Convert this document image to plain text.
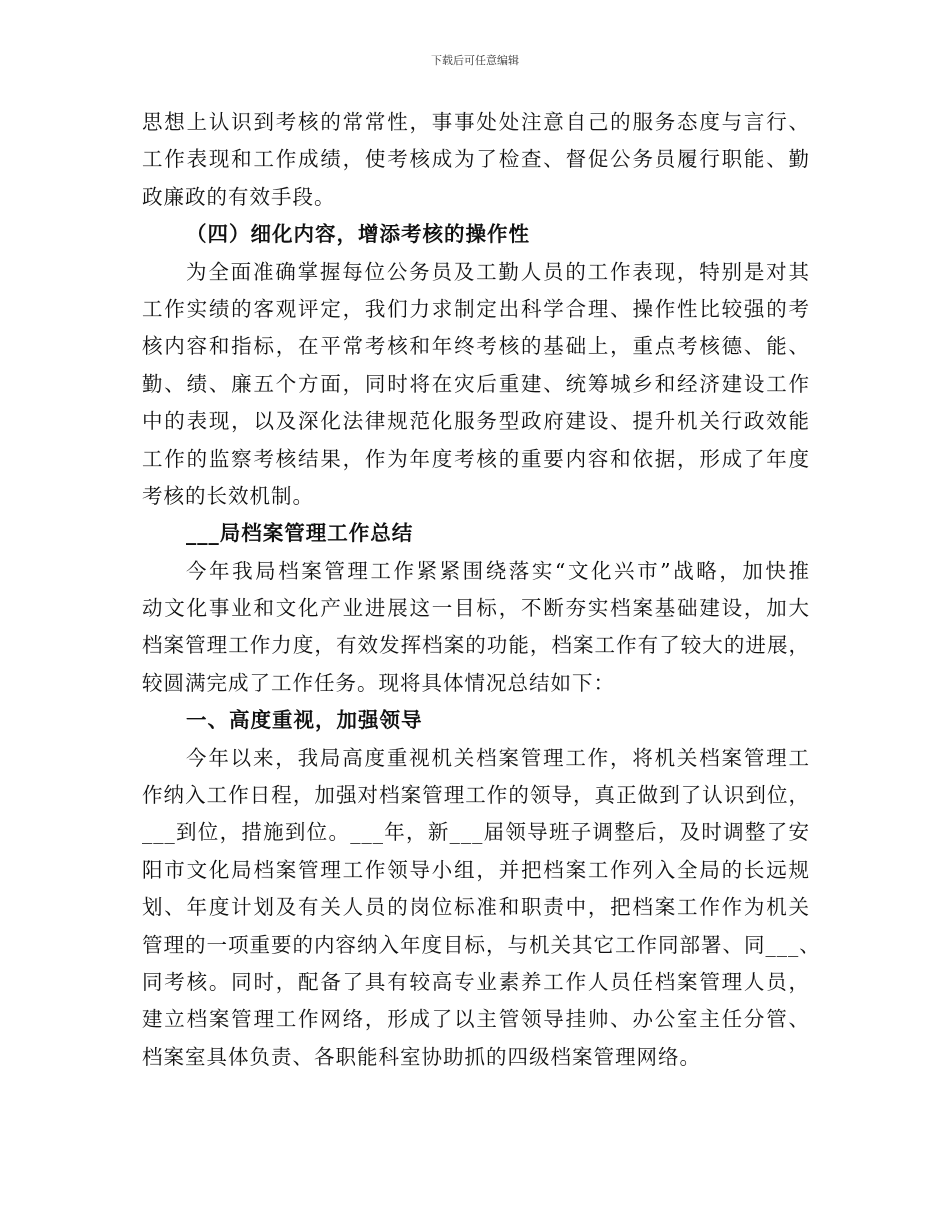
下载后可任意编辑
思想上认识到考核的常常性，事事处处注意自己的服务态度与言行、
工作表现和工作成绩，使考核成为了检查、督促公务员履行职能、勤
政廉政的有效手段。
（四）细化内容，增添考核的操作性
为全面准确掌握每位公务员及工勤人员的工作表现，特别是对其
工作实绩的客观评定，我们力求制定出科学合理、操作性比较强的考
核内容和指标，在平常考核和年终考核的基础上，重点考核德、能、
勤、绩、廉五个方面，同时将在灾后重建、统筹城乡和经济建设工作
中的表现，以及深化法律规范化服务型政府建设、提升机关行政效能
工作的监察考核结果，作为年度考核的重要内容和依据，形成了年度
考核的长效机制。
___局档案管理工作总结
今年我局档案管理工作紧紧围绕落实“文化兴市”战略，加快推
动文化事业和文化产业进展这一目标，不断夯实档案基础建设，加大
档案管理工作力度，有效发挥档案的功能，档案工作有了较大的进展，
较圆满完成了工作任务。现将具体情况总结如下：
一、高度重视，加强领导
今年以来，我局高度重视机关档案管理工作，将机关档案管理工
作纳入工作日程，加强对档案管理工作的领导，真正做到了认识到位，
___到位，措施到位。___年，新___届领导班子调整后，及时调整了安
阳市文化局档案管理工作领导小组，并把档案工作列入全局的长远规
划、年度计划及有关人员的岗位标准和职责中，把档案工作作为机关
管理的一项重要的内容纳入年度目标，与机关其它工作同部署、同___、
同考核。同时，配备了具有较高专业素养工作人员任档案管理人员，
建立档案管理工作网络，形成了以主管领导挂帅、办公室主任分管、
档案室具体负责、各职能科室协助抓的四级档案管理网络。
